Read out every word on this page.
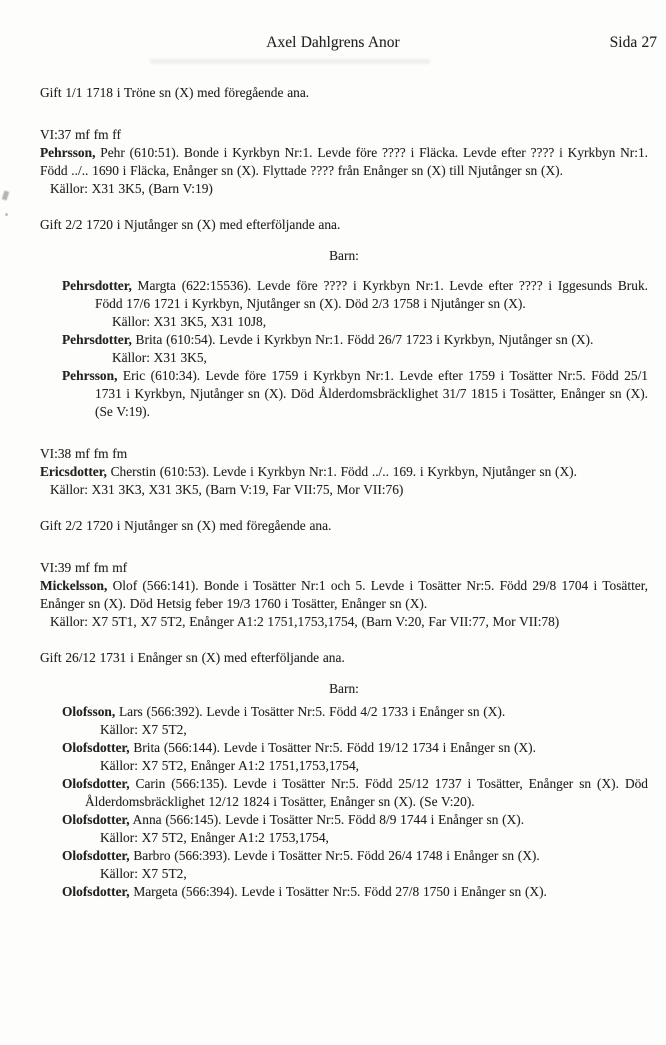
Axel Dahlgrens Anor	Sida 27
Gift 1/1 1718 i Tröne sn (X) med föregående ana.
VI:37 mf fm ff
Pehrsson, Pehr (610:51). Bonde i Kyrkbyn Nr:1. Levde före ???? i Fläcka. Levde efter ???? i Kyrkbyn Nr:1. Född ../.. 1690 i Fläcka, Enånger sn (X). Flyttade ???? från Enånger sn (X) till Njutånger sn (X).
Källor: X31 3K5, (Barn V:19)
Gift 2/2 1720 i Njutånger sn (X) med efterföljande ana.
Barn:
Pehrsdotter, Margta (622:15536). Levde före ???? i Kyrkbyn Nr:1. Levde efter ???? i Iggesunds Bruk. Född 17/6 1721 i Kyrkbyn, Njutånger sn (X). Död 2/3 1758 i Njutånger sn (X).
Källor: X31 3K5, X31 10J8,
Pehrsdotter, Brita (610:54). Levde i Kyrkbyn Nr:1. Född 26/7 1723 i Kyrkbyn, Njutånger sn (X).
Källor: X31 3K5,
Pehrsson, Eric (610:34). Levde före 1759 i Kyrkbyn Nr:1. Levde efter 1759 i Tosätter Nr:5. Född 25/1 1731 i Kyrkbyn, Njutånger sn (X). Död Ålderdomsbräcklighet 31/7 1815 i Tosätter, Enånger sn (X). (Se V:19).
VI:38 mf fm fm
Ericsdotter, Cherstin (610:53). Levde i Kyrkbyn Nr:1. Född ../.. 169. i Kyrkbyn, Njutånger sn (X).
Källor: X31 3K3, X31 3K5, (Barn V:19, Far VII:75, Mor VII:76)
Gift 2/2 1720 i Njutånger sn (X) med föregående ana.
VI:39 mf fm mf
Mickelsson, Olof (566:141). Bonde i Tosätter Nr:1 och 5. Levde i Tosätter Nr:5. Född 29/8 1704 i Tosätter, Enånger sn (X). Död Hetsig feber 19/3 1760 i Tosätter, Enånger sn (X).
Källor: X7 5T1, X7 5T2, Enånger A1:2 1751,1753,1754, (Barn V:20, Far VII:77, Mor VII:78)
Gift 26/12 1731 i Enånger sn (X) med efterföljande ana.
Barn:
Olofsson, Lars (566:392). Levde i Tosätter Nr:5. Född 4/2 1733 i Enånger sn (X).
Källor: X7 5T2,
Olofsdotter, Brita (566:144). Levde i Tosätter Nr:5. Född 19/12 1734 i Enånger sn (X).
Källor: X7 5T2, Enånger A1:2 1751,1753,1754,
Olofsdotter, Carin (566:135). Levde i Tosätter Nr:5. Född 25/12 1737 i Tosätter, Enånger sn (X). Död Ålderdomsbräcklighet 12/12 1824 i Tosätter, Enånger sn (X). (Se V:20).
Olofsdotter, Anna (566:145). Levde i Tosätter Nr:5. Född 8/9 1744 i Enånger sn (X).
Källor: X7 5T2, Enånger A1:2 1753,1754,
Olofsdotter, Barbro (566:393). Levde i Tosätter Nr:5. Född 26/4 1748 i Enånger sn (X).
Källor: X7 5T2,
Olofsdotter, Margeta (566:394). Levde i Tosätter Nr:5. Född 27/8 1750 i Enånger sn (X).
